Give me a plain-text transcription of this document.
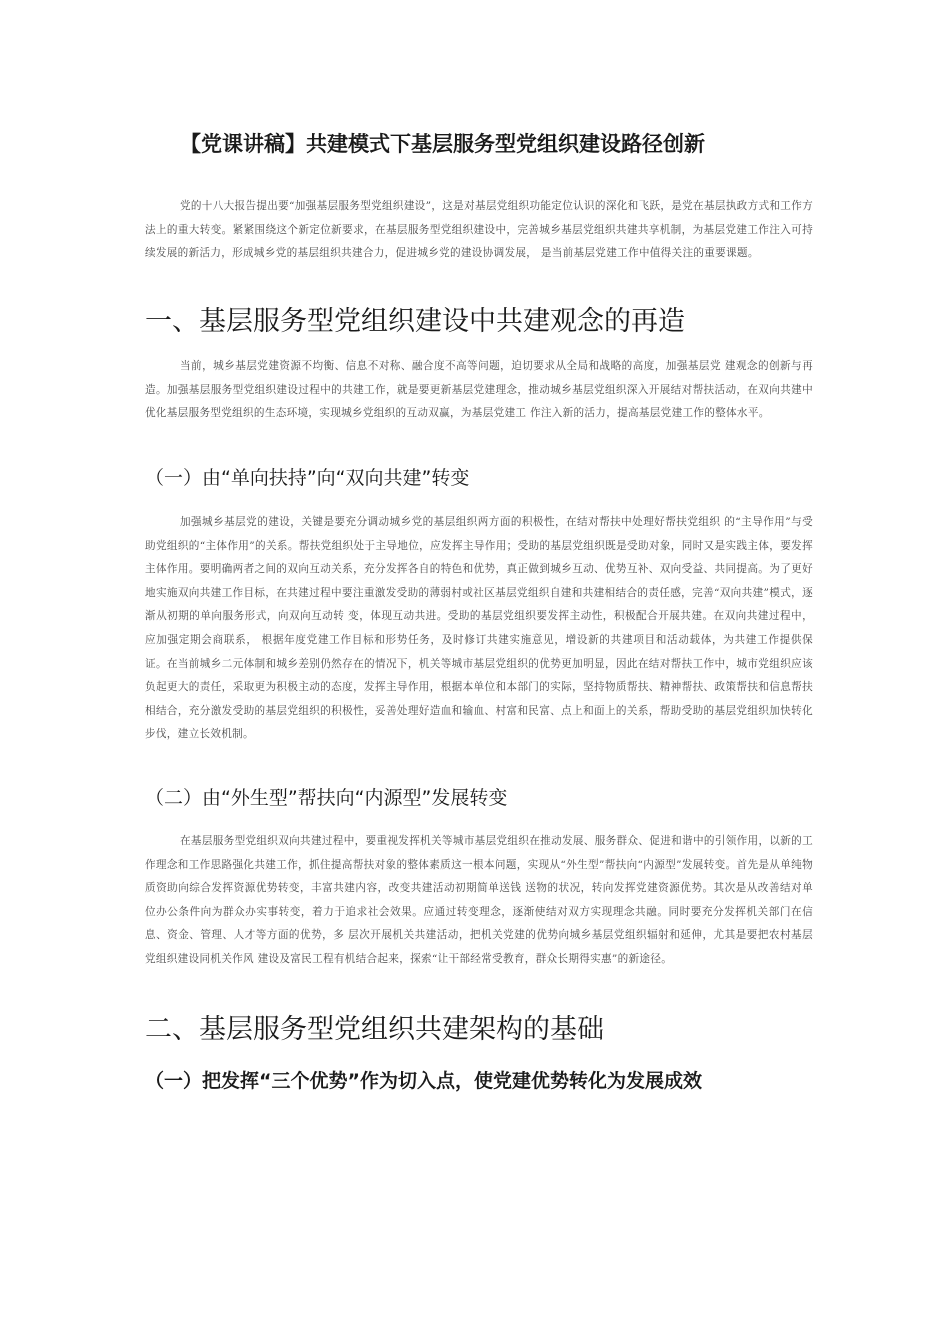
【党课讲稿】共建模式下基层服务型党组织建设路径创新

党的十八大报告提出要“加强基层服务型党组织建设”，这是对基层党组织功能定位认识的深化和飞跃，是党在基层执政方式和工作方法上的重大转变。紧紧围绕这个新定位新要求，在基层服务型党组织建设中，完善城乡基层党组织共建共享机制，为基层党建工作注入可持续发展的新活力，形成城乡党的基层组织共建合力，促进城乡党的建设协调发展， 是当前基层党建工作中值得关注的重要课题。

一、基层服务型党组织建设中共建观念的再造

当前，城乡基层党建资源不均衡、信息不对称、融合度不高等问题，迫切要求从全局和战略的高度，加强基层党 建观念的创新与再造。加强基层服务型党组织建设过程中的共建工作，就是要更新基层党建理念，推动城乡基层党组织深入开展结对帮扶活动，在双向共建中优化基层服务型党组织的生态环境，实现城乡党组织的互动双赢，为基层党建工 作注入新的活力，提高基层党建工作的整体水平。

（一）由“单向扶持”向“双向共建”转变

加强城乡基层党的建设，关键是要充分调动城乡党的基层组织两方面的积极性，在结对帮扶中处理好帮扶党组织 的“主导作用”与受助党组织的“主体作用”的关系。帮扶党组织处于主导地位，应发挥主导作用；受助的基层党组织既是受助对象，同时又是实践主体，要发挥主体作用。要明确两者之间的双向互动关系，充分发挥各自的特色和优势，真正做到城乡互动、优势互补、双向受益、共同提高。为了更好地实施双向共建工作目标，在共建过程中要注重激发受助的薄弱村或社区基层党组织自建和共建相结合的责任感，完善“双向共建”模式，逐渐从初期的单向服务形式，向双向互动转 变，体现互动共进。受助的基层党组织要发挥主动性，积极配合开展共建。在双向共建过程中，应加强定期会商联系， 根据年度党建工作目标和形势任务，及时修订共建实施意见，增设新的共建项目和活动载体，为共建工作提供保证。在当前城乡二元体制和城乡差别仍然存在的情况下，机关等城市基层党组织的优势更加明显，因此在结对帮扶工作中，城市党组织应该负起更大的责任，采取更为积极主动的态度，发挥主导作用，根据本单位和本部门的实际，坚持物质帮扶、精神帮扶、政策帮扶和信息帮扶相结合，充分激发受助的基层党组织的积极性，妥善处理好造血和输血、村富和民富、点上和面上的关系，帮助受助的基层党组织加快转化步伐，建立长效机制。

（二）由“外生型”帮扶向“内源型”发展转变

在基层服务型党组织双向共建过程中，要重视发挥机关等城市基层党组织在推动发展、服务群众、促进和谐中的引领作用，以新的工作理念和工作思路强化共建工作，抓住提高帮扶对象的整体素质这一根本问题，实现从“外生型”帮扶向“内源型”发展转变。首先是从单纯物质资助向综合发挥资源优势转变，丰富共建内容，改变共建活动初期简单送钱 送物的状况，转向发挥党建资源优势。其次是从改善结对单位办公条件向为群众办实事转变，着力于追求社会效果。应通过转变理念，逐渐使结对双方实现理念共融。同时要充分发挥机关部门在信息、资金、管理、人才等方面的优势，多 层次开展机关共建活动，把机关党建的优势向城乡基层党组织辐射和延伸，尤其是要把农村基层党组织建设同机关作风 建设及富民工程有机结合起来，探索“让干部经常受教育，群众长期得实惠”的新途径。

二、基层服务型党组织共建架构的基础
（一）把发挥“三个优势”作为切入点，使党建优势转化为发展成效
